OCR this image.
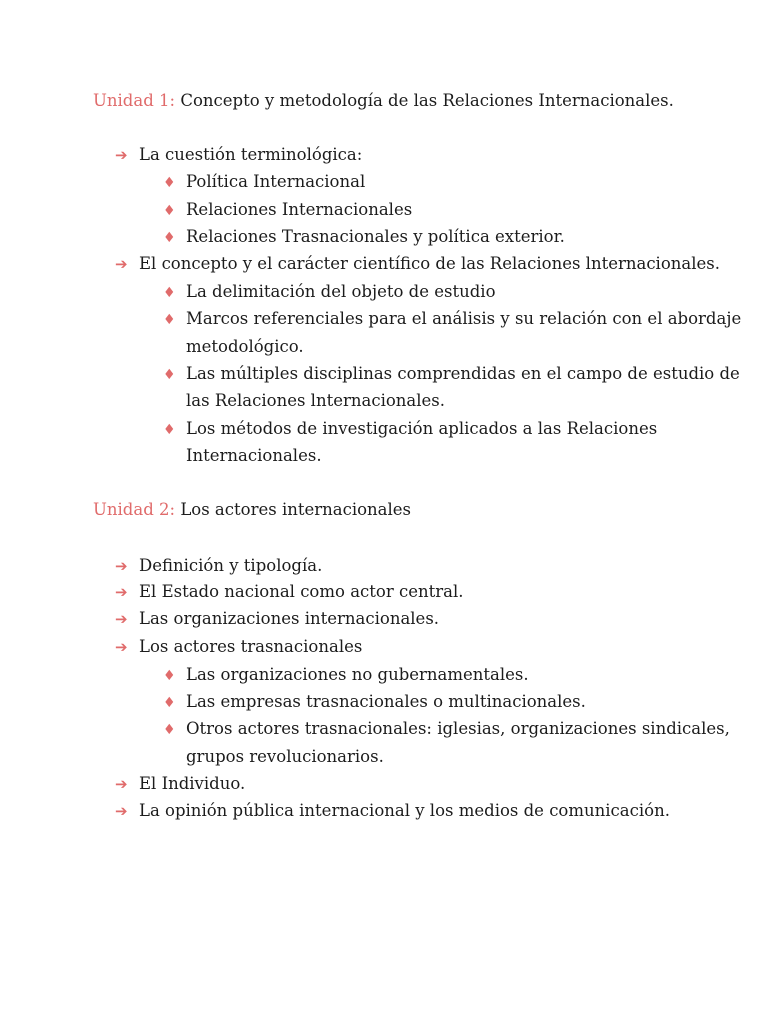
Unidad 1: Concepto y metodología de las Relaciones Internacionales.
➔ La cuestión terminológica:
♦ Política Internacional
♦ Relaciones Internacionales
♦ Relaciones Trasnacionales y política exterior.
➔ El concepto y el carácter científico de las Relaciones lnternacionales.
♦ La delimitación del objeto de estudio
♦ Marcos referenciales para el análisis y su relación con el abordaje
metodológico.
♦ Las múltiples disciplinas comprendidas en el campo de estudio de
las Relaciones lnternacionales.
♦ Los métodos de investigación aplicados a las Relaciones
Internacionales.
Unidad 2: Los actores internacionales
➔ Definición y tipología.
➔ El Estado nacional como actor central.
➔ Las organizaciones internacionales.
➔ Los actores trasnacionales
♦ Las organizaciones no gubernamentales.
♦ Las empresas trasnacionales o multinacionales.
♦ Otros actores trasnacionales: iglesias, organizaciones sindicales,
grupos revolucionarios.
➔ El Individuo.
➔ La opinión pública internacional y los medios de comunicación.
